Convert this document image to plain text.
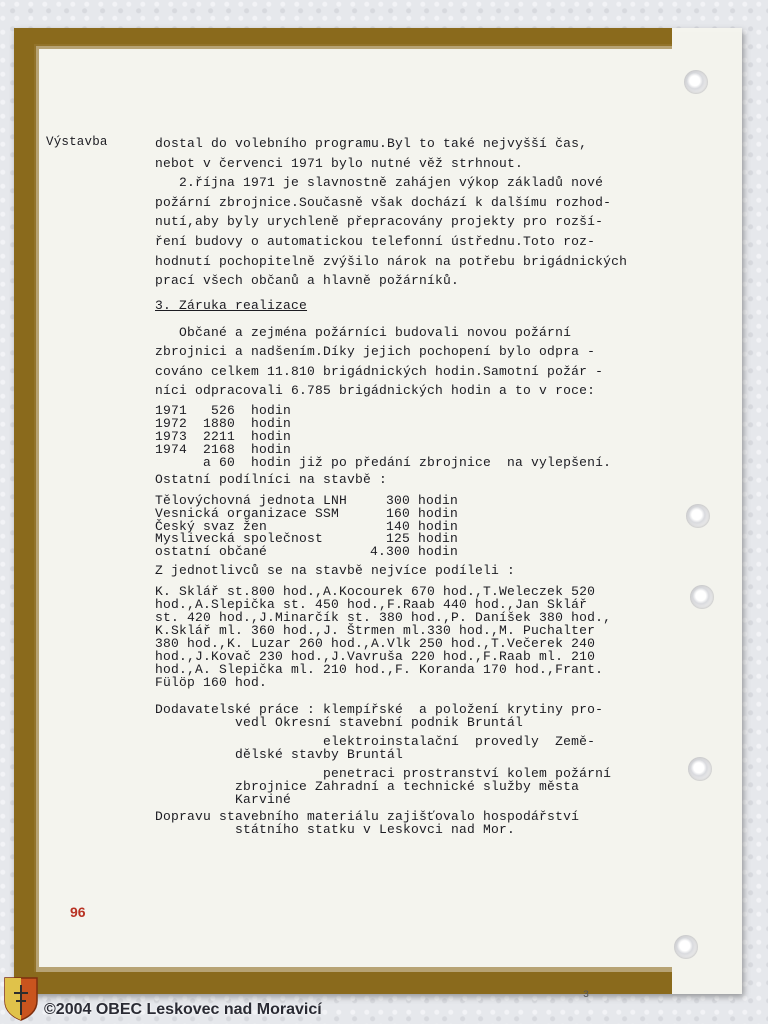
Výstavba	dostal do volebního programu.Byl to také nejvyšší čas,
nebot v červenci 1971 bylo nutné věž strhnout.
2.října 1971 je slavnostně zahájen výkop základů nové
požární zbrojnice.Současně však dochází k dalšímu rozhod-
nutí,aby byly urychleně přepracovány projekty pro rozší-
ření budovy o automatickou telefonní ústřednu.Toto roz-
hodnutí pochopitelně zvýšilo nárok na potřebu brigádnických
prací všech občanů a hlavně požárníků.
3. Záruka realizace
Občané a zejména požárníci budovali novou požární
zbrojnici a nadšením.Díky jejich pochopení bylo odpra -
cováno celkem 11.810 brigádnických hodin.Samotní požár -
níci odpracovali 6.785 brigádnických hodin a to v roce:
1971   526  hodin
1972  1880  hodin
1973  2211  hodin
1974  2168  hodin
a 60  hodin již po předání zbrojnice  na vylepšení.
Ostatní podílníci na stavbě :
Tělovýchovná jednota LNH	300 hodin
Vesnická organizace SSM	160 hodin
Český svaz žen	140 hodin
Myslivecká společnost	125 hodin
ostatní občané	4.300 hodin
Z jednotlivců se na stavbě nejvíce podíleli :
K. Sklář st.800 hod.,A.Kocourek 670 hod.,T.Weleczek 520
hod.,A.Slepička st. 450 hod.,F.Raab 440 hod.,Jan Sklář
st. 420 hod.,J.Minarčík st. 380 hod.,P. Daníšek 380 hod.,
K.Sklář ml. 360 hod.,J. Štrmen ml.330 hod.,M. Puchalter
380 hod.,K. Luzar 260 hod.,A.Vlk 250 hod.,T.Večerek 240
hod.,J.Kovač 230 hod.,J.Vavruša 220 hod.,F.Raab ml. 210
hod.,A. Slepička ml. 210 hod.,F. Koranda 170 hod.,Frant.
Fülöp 160 hod.
Dodavatelské práce : klempířské  a položení krytiny pro-
vedl Okresní stavební podnik Bruntál
elektroinstalační  provedly  Země-
dělské stavby Bruntál
penetraci prostranství kolem požární
zbrojnice Zahradní a technické služby města
Karviné
Dopravu stavebního materiálu zajišťovalo hospodářství
státního statku v Leskovci nad Mor.
96
3
©2004 OBEC Leskovec nad Moravicí
